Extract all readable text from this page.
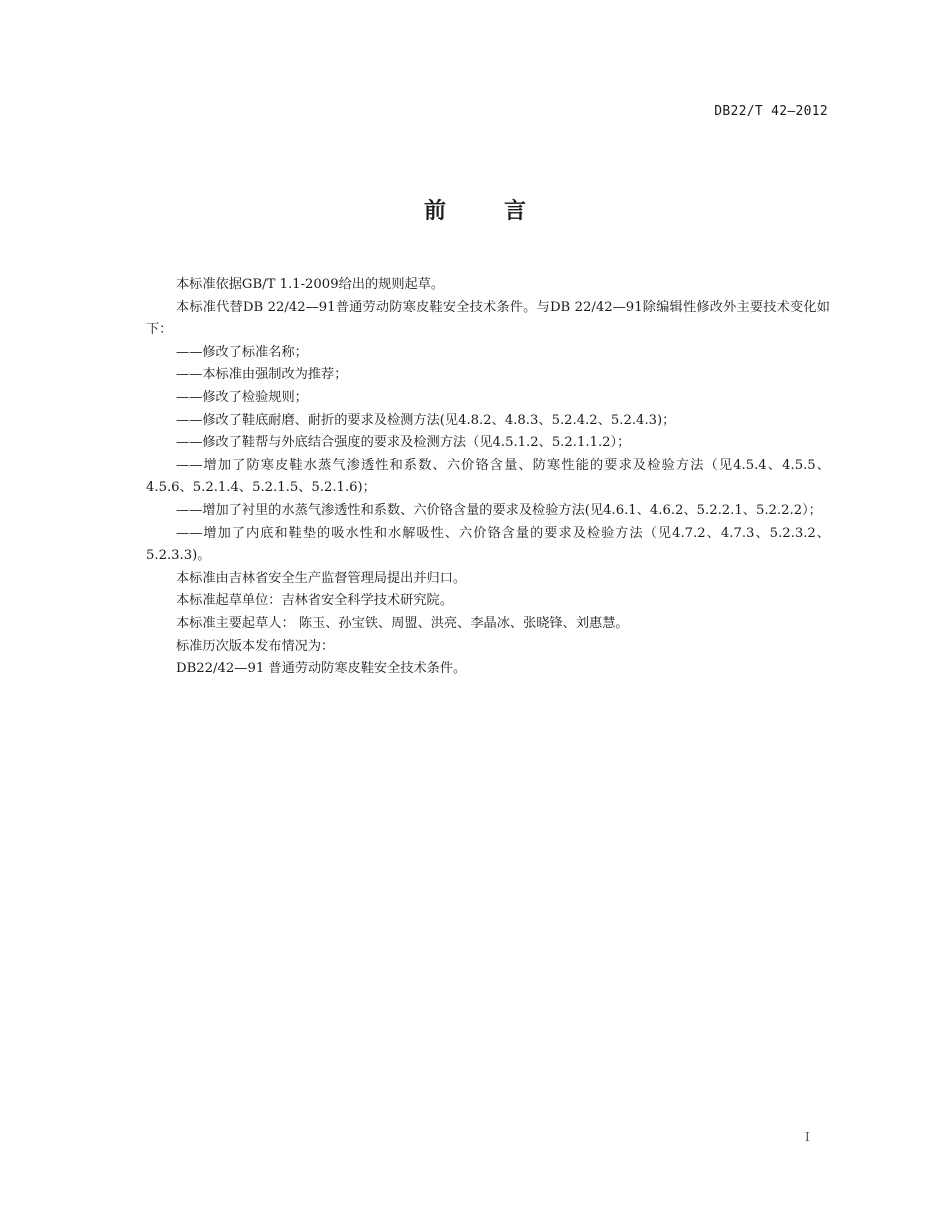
DB22/T 42—2012
前	言

本标准依据GB/T 1.1-2009给出的规则起草。

本标准代替DB 22/42—91普通劳动防寒皮鞋安全技术条件。与DB 22/42—91除编辑性修改外主要技术变化如下：

——修改了标准名称；

——本标准由强制改为推荐；

——修改了检验规则；

——修改了鞋底耐磨、耐折的要求及检测方法(见4.8.2、4.8.3、5.2.4.2、5.2.4.3)；

——修改了鞋帮与外底结合强度的要求及检测方法（见4.5.1.2、5.2.1.1.2）；

——增加了防寒皮鞋水蒸气渗透性和系数、六价铬含量、防寒性能的要求及检验方法（见4.5.4、4.5.5、4.5.6、5.2.1.4、5.2.1.5、5.2.1.6)；

——增加了衬里的水蒸气渗透性和系数、六价铬含量的要求及检验方法(见4.6.1、4.6.2、5.2.2.1、5.2.2.2）；

——增加了内底和鞋垫的吸水性和水解吸性、六价铬含量的要求及检验方法（见4.7.2、4.7.3、5.2.3.2、5.2.3.3)。

本标准由吉林省安全生产监督管理局提出并归口。

本标准起草单位：吉林省安全科学技术研究院。

本标准主要起草人： 陈玉、孙宝铁、周盟、洪亮、李晶冰、张晓锋、刘惠慧。

标准历次版本发布情况为：

DB22/42—91 普通劳动防寒皮鞋安全技术条件。

I
